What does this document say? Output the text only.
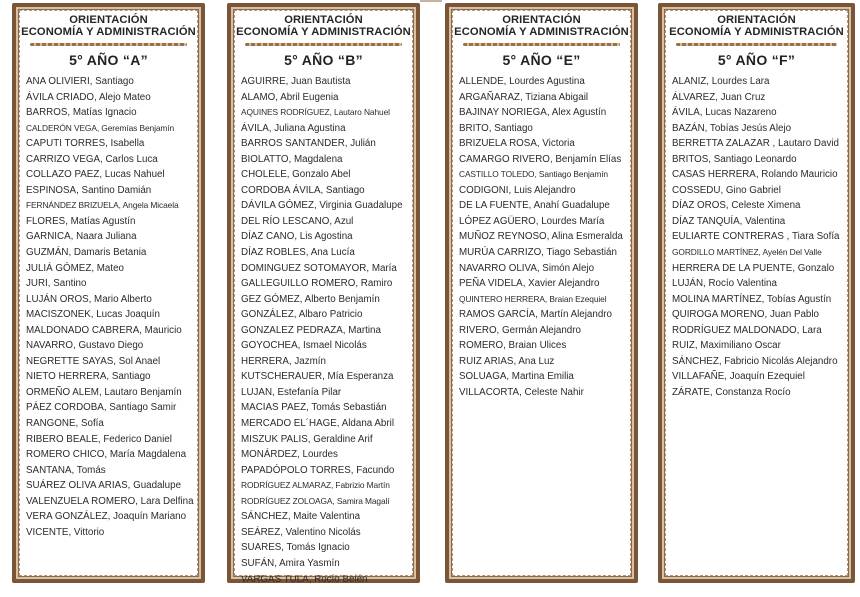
ORIENTACIÓN
ECONOMÍA Y ADMINISTRACIÓN
5° AÑO “A”
ANA OLIVIERI, Santiago
ÁVILA CRIADO, Alejo Mateo
BARROS, Matías Ignacio
CALDERÓN VEGA, Geremías Benjamín
CAPUTI TORRES, Isabella
CARRIZO VEGA, Carlos Luca
COLLAZO PAEZ, Lucas Nahuel
ESPINOSA, Santino Damián
FERNÁNDEZ BRIZUELA, Angela Micaela
FLORES, Matías Agustín
GARNICA, Naara Juliana
GUZMÁN, Damaris Betania
JULIÁ GÓMEZ, Mateo
JURI, Santino
LUJÁN OROS, Mario Alberto
MACISZONEK, Lucas Joaquín
MALDONADO CABRERA, Mauricio
NAVARRO, Gustavo Diego
NEGRETTE SAYAS, Sol Anael
NIETO HERRERA, Santiago
ORMEÑO ALEM, Lautaro Benjamín
PÁEZ CORDOBA, Santiago Samir
RANGONE, Sofía
RIBERO BEALE, Federico Daniel
ROMERO CHICO, María Magdalena
SANTANA, Tomás
SUÁREZ OLIVA ARIAS, Guadalupe
VALENZUELA ROMERO, Lara Delfina
VERA GONZÁLEZ, Joaquín Mariano
VICENTE, Vittorio
ORIENTACIÓN
ECONOMÍA Y ADMINISTRACIÓN
5° AÑO “B”
AGUIRRE, Juan Bautista
ALAMO, Abril Eugenia
AQUINES RODRÍGUEZ, Lautaro Nahuel
ÁVILA, Juliana Agustina
BARROS SANTANDER, Julián
BIOLATTO, Magdalena
CHOLELE, Gonzalo Abel
CORDOBA ÁVILA, Santiago
DÁVILA GÓMEZ, Virginia Guadalupe
DEL RÍO LESCANO, Azul
DÍAZ CANO, Lis Agostina
DÍAZ ROBLES, Ana Lucía
DOMINGUEZ SOTOMAYOR, María
GALLEGUILLO ROMERO, Ramiro
GEZ GÓMEZ, Alberto Benjamín
GONZÁLEZ, Albaro Patricio
GONZALEZ PEDRAZA, Martina
GOYOCHEA, Ismael Nicolás
HERRERA, Jazmín
KUTSCHERAUER, Mía Esperanza
LUJAN, Estefanía Pilar
MACIAS PAEZ, Tomás Sebastián
MERCADO EL´HAGE, Aldana Abril
MISZUK PALIS, Geraldine Arif
MONÁRDEZ, Lourdes
PAPADÓPOLO TORRES, Facundo
RODRÍGUEZ ALMARAZ, Fabrizio Martín
RODRÍGUEZ ZOLOAGA, Samira Magalí
SÁNCHEZ, Maite Valentina
SEÁREZ, Valentino Nicolás
SUARES, Tomás Ignacio
SUFÁN, Amira Yasmín
VARGAS TULA, Rocío Belén
ORIENTACIÓN
ECONOMÍA Y ADMINISTRACIÓN
5° AÑO “E”
ALLENDE, Lourdes Agustina
ARGAÑARAZ, Tiziana Abigail
BAJINAY NORIEGA, Alex Agustín
BRITO, Santiago
BRIZUELA ROSA, Victoria
CAMARGO RIVERO, Benjamín Elías
CASTILLO TOLEDO, Santiago Benjamín
CODIGONI, Luis Alejandro
DE LA FUENTE, Anahí Guadalupe
LÓPEZ AGÜERO, Lourdes María
MUÑOZ REYNOSO, Alina Esmeralda
MURÚA CARRIZO, Tiago Sebastián
NAVARRO OLIVA, Simón Alejo
PEÑA VIDELA, Xavier Alejandro
QUINTERO HERRERA, Braian Ezequiel
RAMOS GARCÍA, Martín Alejandro
RIVERO, Germán Alejandro
ROMERO, Braian Ulices
RUIZ ARIAS, Ana Luz
SOLUAGA, Martina Emilia
VILLACORTA, Celeste Nahir
ORIENTACIÓN
ECONOMÍA Y ADMINISTRACIÓN
5° AÑO “F”
ALANIZ, Lourdes Lara
ÁLVAREZ, Juan Cruz
ÁVILA, Lucas Nazareno
BAZÁN, Tobías Jesús Alejo
BERRETTA ZALAZAR , Lautaro David
BRITOS, Santiago Leonardo
CASAS HERRERA, Rolando Mauricio
COSSEDU, Gino Gabriel
DÍAZ OROS, Celeste Ximena
DÍAZ TANQUÍA, Valentina
EULIARTE CONTRERAS , Tiara Sofía
GORDILLO MARTÍNEZ, Ayelén Del Valle
HERRERA DE LA PUENTE, Gonzalo
LUJÁN, Rocío Valentina
MOLINA MARTÍNEZ, Tobías Agustín
QUIROGA MORENO, Juan Pablo
RODRÍGUEZ MALDONADO, Lara
RUIZ, Maximiliano Oscar
SÁNCHEZ, Fabricio Nicolás Alejandro
VILLAFAÑE, Joaquín Ezequiel
ZÁRATE, Constanza Rocío
